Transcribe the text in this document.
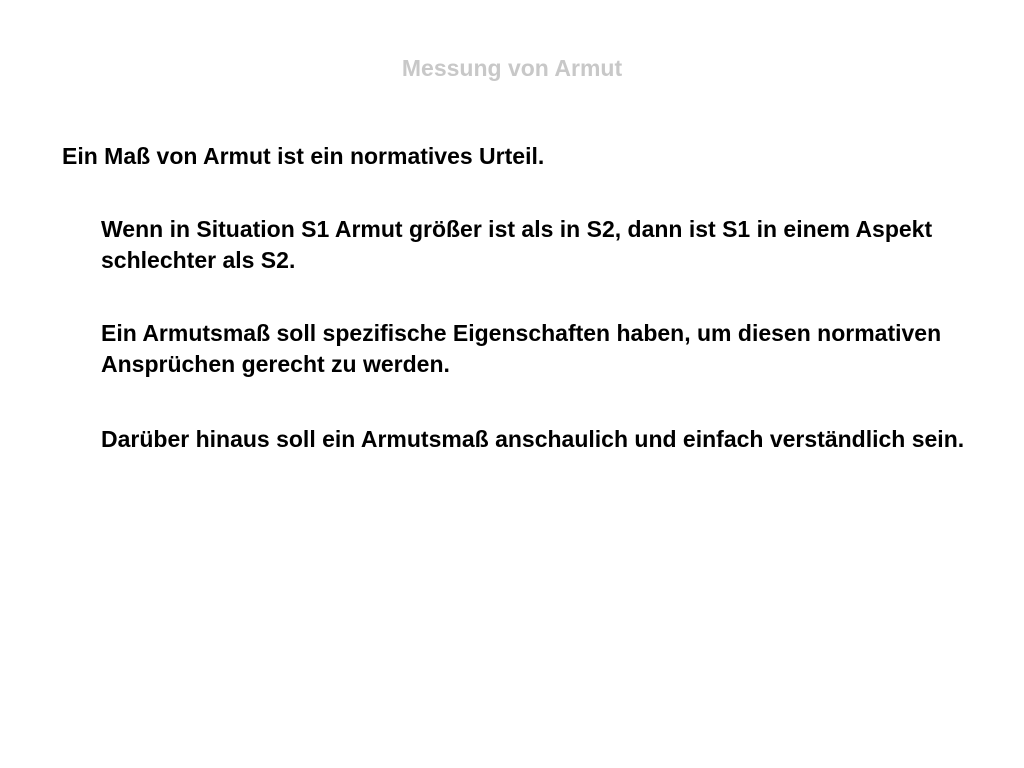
Messung von Armut
Ein Maß von Armut ist ein normatives Urteil.
Wenn in Situation S1 Armut größer ist als in S2, dann ist S1 in einem Aspekt schlechter als S2.
Ein Armutsmaß soll spezifische Eigenschaften haben, um diesen normativen Ansprüchen gerecht zu werden.
Darüber hinaus soll ein Armutsmaß anschaulich und einfach verständlich sein.
